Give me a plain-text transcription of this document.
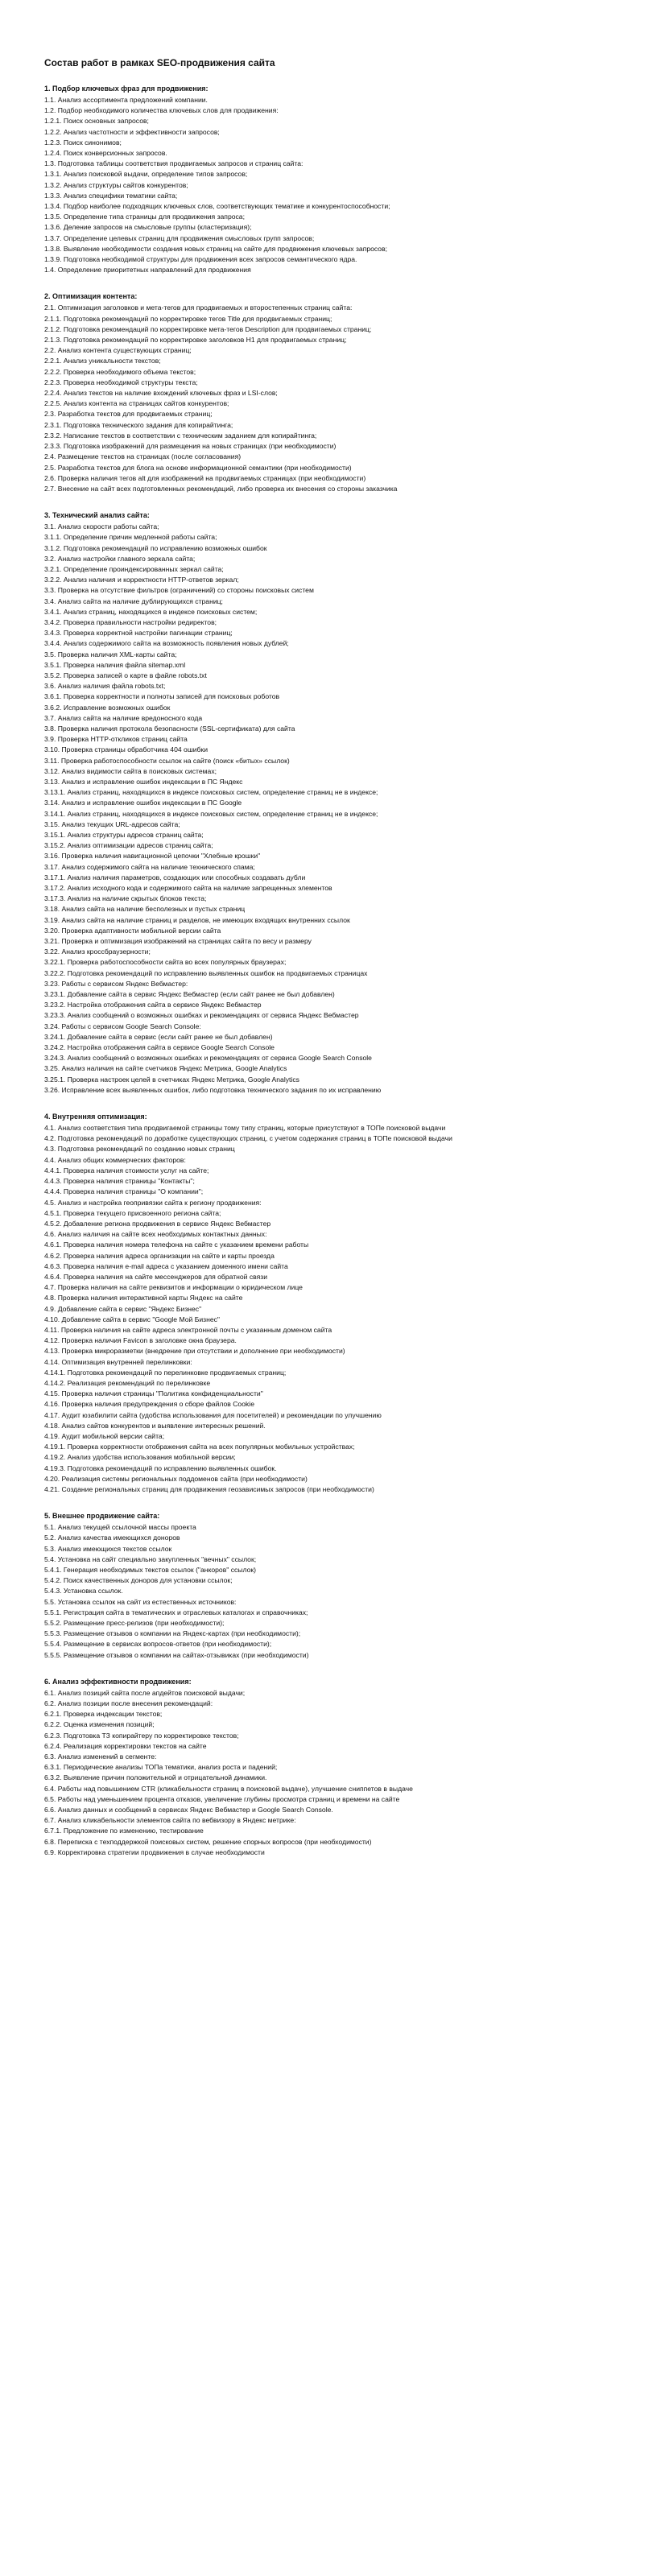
Состав работ в рамках SEO-продвижения сайта
1. Подбор ключевых фраз для продвижения:
1.1. Анализ ассортимента предложений компании.
1.2. Подбор необходимого количества ключевых слов для продвижения:
1.2.1. Поиск основных запросов;
1.2.2. Анализ частотности и эффективности запросов;
1.2.3. Поиск синонимов;
1.2.4. Поиск конверсионных запросов.
1.3. Подготовка таблицы соответствия продвигаемых запросов и страниц сайта:
1.3.1. Анализ поисковой выдачи, определение типов запросов;
1.3.2. Анализ структуры сайтов конкурентов;
1.3.3. Анализ специфики тематики сайта;
1.3.4. Подбор наиболее подходящих ключевых слов, соответствующих тематике и конкурентоспособности;
1.3.5. Определение типа страницы для продвижения запроса;
1.3.6. Деление запросов на смысловые группы (кластеризация);
1.3.7. Определение целевых страниц для продвижения смысловых групп запросов;
1.3.8. Выявление необходимости создания новых страниц на сайте для продвижения ключевых запросов;
1.3.9. Подготовка необходимой структуры для продвижения всех запросов семантического ядра.
1.4. Определение приоритетных направлений для продвижения
2. Оптимизация контента:
2.1. Оптимизация заголовков и мета-тегов для продвигаемых и второстепенных страниц сайта:
2.1.1. Подготовка рекомендаций по корректировке тегов Title для продвигаемых страниц;
2.1.2. Подготовка рекомендаций по корректировке мета-тегов Description для продвигаемых страниц;
2.1.3. Подготовка рекомендаций по корректировке заголовков H1 для продвигаемых страниц;
2.2. Анализ контента существующих страниц;
2.2.1. Анализ уникальности текстов;
2.2.2. Проверка необходимого объема текстов;
2.2.3. Проверка необходимой структуры текста;
2.2.4. Анализ текстов на наличие вхождений ключевых фраз и LSI-слов;
2.2.5. Анализ контента на страницах сайтов конкурентов;
2.3. Разработка текстов для продвигаемых страниц;
2.3.1. Подготовка технического задания для копирайтинга;
2.3.2. Написание текстов в соответствии с техническим заданием для копирайтинга;
2.3.3. Подготовка изображений для размещения на новых страницах (при необходимости)
2.4. Размещение текстов на страницах (после согласования)
2.5. Разработка текстов для блога на основе информационной семантики (при необходимости)
2.6. Проверка наличия тегов alt для изображений на продвигаемых страницах (при необходимости)
2.7. Внесение на сайт всех подготовленных рекомендаций, либо проверка их внесения со стороны заказчика
3. Технический анализ сайта:
3.1. Анализ скорости работы сайта;
3.1.1. Определение причин медленной работы сайта;
3.1.2. Подготовка рекомендаций по исправлению возможных ошибок
3.2. Анализ настройки главного зеркала сайта;
3.2.1. Определение проиндексированных зеркал сайта;
3.2.2. Анализ наличия и корректности HTTP-ответов зеркал;
3.3. Проверка на отсутствие фильтров (ограничений) со стороны поисковых систем
3.4. Анализ сайта на наличие дублирующихся страниц;
3.4.1. Анализ страниц, находящихся в индексе поисковых систем;
3.4.2. Проверка правильности настройки редиректов;
3.4.3. Проверка корректной настройки пагинации страниц;
3.4.4. Анализ содержимого сайта на возможность появления новых дублей;
3.5. Проверка наличия XML-карты сайта;
3.5.1. Проверка наличия файла sitemap.xml
3.5.2. Проверка записей о карте в файле robots.txt
3.6. Анализ наличия файла robots.txt;
3.6.1. Проверка корректности и полноты записей для поисковых роботов
3.6.2. Исправление возможных ошибок
3.7. Анализ сайта на наличие вредоносного кода
3.8. Проверка наличия протокола безопасности (SSL-сертификата) для сайта
3.9. Проверка HTTP-откликов страниц сайта
3.10. Проверка страницы обработчика 404 ошибки
3.11. Проверка работоспособности ссылок на сайте (поиск «битых» ссылок)
3.12. Анализ видимости сайта в поисковых системах;
3.13. Анализ и исправление ошибок индексации в ПС Яндекс
3.13.1. Анализ страниц, находящихся в индексе поисковых систем, определение страниц не в индексе;
3.14. Анализ и исправление ошибок индексации в ПС Google
3.14.1. Анализ страниц, находящихся в индексе поисковых систем, определение страниц не в индексе;
3.15. Анализ текущих URL-адресов сайта;
3.15.1. Анализ структуры адресов страниц сайта;
3.15.2. Анализ оптимизации адресов страниц сайта;
3.16. Проверка наличия навигационной цепочки "Хлебные крошки"
3.17. Анализ содержимого сайта на наличие технического спама;
3.17.1. Анализ наличия параметров, создающих или способных создавать дубли
3.17.2. Анализ исходного кода и содержимого сайта на наличие запрещенных элементов
3.17.3. Анализ на наличие скрытых блоков текста;
3.18. Анализ сайта на наличие бесполезных и пустых страниц
3.19. Анализ сайта на наличие страниц и разделов, не имеющих входящих внутренних ссылок
3.20. Проверка адаптивности мобильной версии сайта
3.21. Проверка и оптимизация изображений на страницах сайта по весу и размеру
3.22. Анализ кроссбраузерности;
3.22.1. Проверка работоспособности сайта во всех популярных браузерах;
3.22.2. Подготовка рекомендаций по исправлению выявленных ошибок на продвигаемых страницах
3.23. Работы с сервисом Яндекс Вебмастер:
3.23.1. Добавление сайта в сервис Яндекс Вебмастер (если сайт ранее не был добавлен)
3.23.2. Настройка отображения сайта в сервисе Яндекс Вебмастер
3.23.3. Анализ сообщений о возможных ошибках и рекомендациях от сервиса Яндекс Вебмастер
3.24. Работы с сервисом Google Search Console:
3.24.1. Добавление сайта в сервис (если сайт ранее не был добавлен)
3.24.2. Настройка отображения сайта в сервисе Google Search Console
3.24.3. Анализ сообщений о возможных ошибках и рекомендациях от сервиса Google Search Console
3.25. Анализ наличия на сайте счетчиков Яндекс Метрика, Google Analytics
3.25.1. Проверка настроек целей в счетчиках Яндекс Метрика, Google Analytics
3.26. Исправление всех выявленных ошибок, либо подготовка технического задания по их исправлению
4. Внутренняя оптимизация:
4.1. Анализ соответствия типа продвигаемой страницы тому типу страниц, которые присутствуют в ТОПе поисковой выдачи
4.2. Подготовка рекомендаций по доработке существующих страниц, с учетом содержания страниц в ТОПе поисковой выдачи
4.3. Подготовка рекомендаций по созданию новых страниц
4.4. Анализ общих коммерческих факторов:
4.4.1. Проверка наличия стоимости услуг на сайте;
4.4.3. Проверка наличия страницы "Контакты";
4.4.4. Проверка наличия страницы "О компании";
4.5. Анализ и настройка геопривязки сайта к региону продвижения:
4.5.1. Проверка текущего присвоенного региона сайта;
4.5.2. Добавление региона продвижения в сервисе Яндекс Вебмастер
4.6. Анализ наличия на сайте всех необходимых контактных данных:
4.6.1. Проверка наличия номера телефона на сайте с указанием времени работы
4.6.2. Проверка наличия адреса организации на сайте и карты проезда
4.6.3. Проверка наличия e-mail адреса с указанием доменного имени сайта
4.6.4. Проверка наличия на сайте мессенджеров для обратной связи
4.7. Проверка наличия на сайте реквизитов и информации о юридическом лице
4.8. Проверка наличия интерактивной карты Яндекс на сайте
4.9. Добавление сайта в сервис "Яндекс Бизнес"
4.10. Добавление сайта в сервис "Google Мой Бизнес"
4.11. Проверка наличия на сайте адреса электронной почты с указанным доменом сайта
4.12. Проверка наличия Favicon в заголовке окна браузера.
4.13. Проверка микроразметки (внедрение при отсутствии и дополнение при необходимости)
4.14. Оптимизация внутренней перелинковки:
4.14.1. Подготовка рекомендаций по перелинковке продвигаемых страниц;
4.14.2. Реализация рекомендаций по перелинковке
4.15. Проверка наличия страницы "Политика конфиденциальности"
4.16. Проверка наличия предупреждения о сборе файлов Cookie
4.17. Аудит юзабилити сайта (удобства использования для посетителей) и рекомендации по улучшению
4.18. Анализ сайтов конкурентов и выявление интересных решений.
4.19. Аудит мобильной версии сайта;
4.19.1. Проверка корректности отображения сайта на всех популярных мобильных устройствах;
4.19.2. Анализ удобства использования мобильной версии;
4.19.3. Подготовка рекомендаций по исправлению выявленных ошибок.
4.20. Реализация системы региональных поддоменов сайта (при необходимости)
4.21. Создание региональных страниц для продвижения геозависимых запросов (при необходимости)
5. Внешнее продвижение сайта:
5.1. Анализ текущей ссылочной массы проекта
5.2. Анализ качества имеющихся доноров
5.3. Анализ имеющихся текстов ссылок
5.4. Установка на сайт специально закупленных "вечных" ссылок;
5.4.1. Генерация необходимых текстов ссылок ("анкоров" ссылок)
5.4.2. Поиск качественных доноров для установки ссылок;
5.4.3. Установка ссылок.
5.5. Установка ссылок на сайт из естественных источников:
5.5.1. Регистрация сайта в тематических и отраслевых каталогах и справочниках;
5.5.2. Размещение пресс-релизов (при необходимости);
5.5.3. Размещение отзывов о компании на Яндекс-картах (при необходимости);
5.5.4. Размещение в сервисах вопросов-ответов (при необходимости);
5.5.5. Размещение отзывов о компании на сайтах-отзывиках (при необходимости)
6. Анализ эффективности продвижения:
6.1. Анализ позиций сайта после апдейтов поисковой выдачи;
6.2. Анализ позиции после внесения рекомендаций:
6.2.1. Проверка индексации текстов;
6.2.2. Оценка изменения позиций;
6.2.3. Подготовка ТЗ копирайтеру по корректировке текстов;
6.2.4. Реализация корректировки текстов на сайте
6.3. Анализ изменений в сегменте:
6.3.1. Периодические анализы ТОПа тематики, анализ роста и падений;
6.3.2. Выявление причин положительной и отрицательной динамики.
6.4. Работы над повышением CTR (кликабельности страниц в поисковой выдаче), улучшение сниппетов в выдаче
6.5. Работы над уменьшением процента отказов, увеличение глубины просмотра страниц и времени на сайте
6.6. Анализ данных и сообщений в сервисах Яндекс Вебмастер и Google Search Console.
6.7. Анализ кликабельности элементов сайта по вебвизору в Яндекс метрике:
6.7.1. Предложение по изменению, тестирование
6.8. Переписка с техподдержкой поисковых систем, решение спорных вопросов (при необходимости)
6.9. Корректировка стратегии продвижения в случае необходимости
